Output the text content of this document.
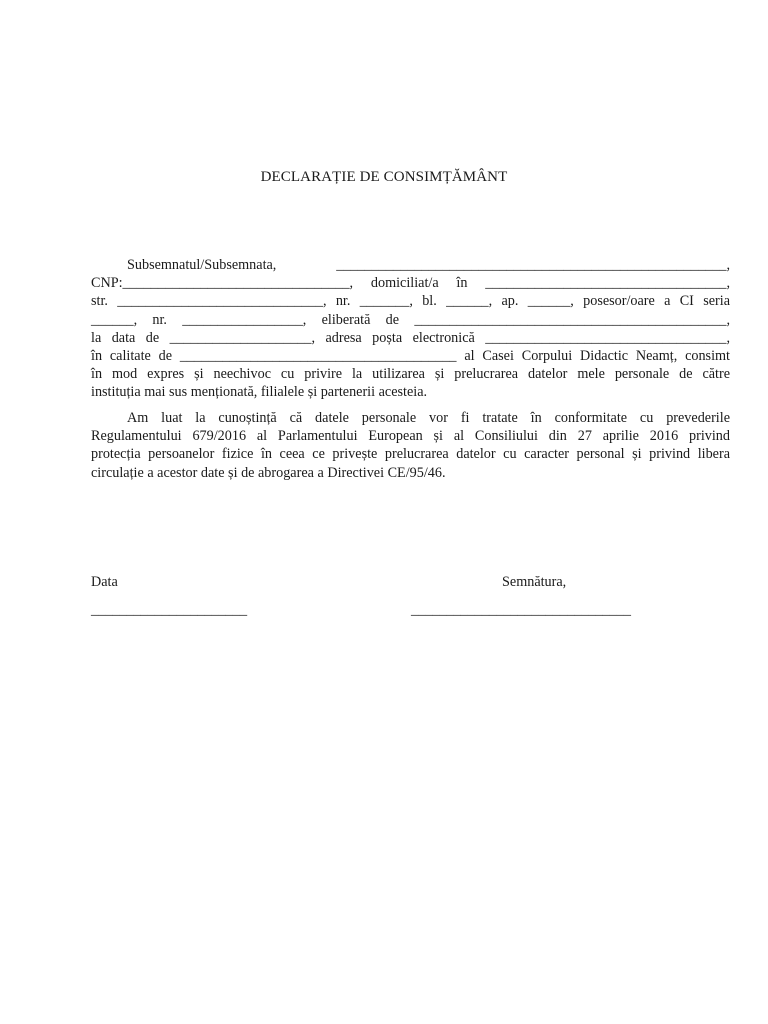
DECLARAȚIE DE CONSIMȚĂMÂNT
Subsemnatul/Subsemnata, _______________________________________________________,
CNP:________________________________, domiciliat/a în __________________________________,
str. _____________________________, nr. _______, bl. ______, ap. ______, posesor/oare a CI seria
______, nr. _________________, eliberată de ____________________________________________,
la data de ____________________, adresa poșta electronică __________________________________,
în calitate de _______________________________________ al Casei Corpului Didactic Neamț, consimt
în mod expres și neechivoc cu privire la utilizarea și prelucrarea datelor mele personale de către
instituția mai sus menționată, filialele și partenerii acesteia.
Am luat la cunoștință că datele personale vor fi tratate în conformitate cu prevederile
Regulamentului 679/2016 al Parlamentului European și al Consiliului din 27 aprilie 2016 privind
protecția persoanelor fizice în ceea ce privește prelucrarea datelor cu caracter personal și privind libera
circulație a acestor date și de abrogarea a Directivei CE/95/46.
Data
______________________
Semnătura,
_______________________________
